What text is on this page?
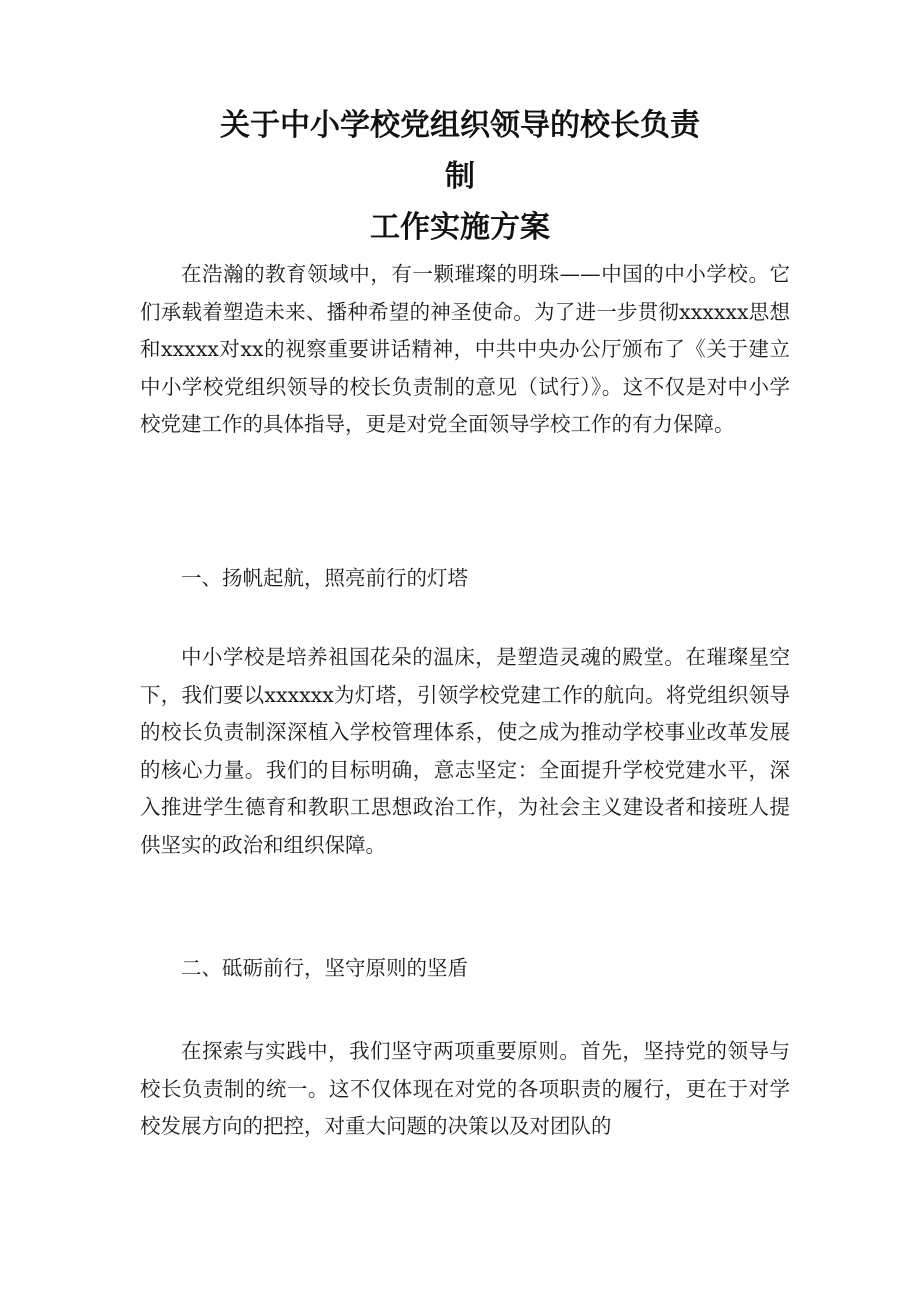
关于中小学校党组织领导的校长负责
制
工作实施方案

在浩瀚的教育领域中，有一颗璀璨的明珠——中国的中小学校。它们承载着塑造未来、播种希望的神圣使命。为了进一步贯彻xxxxxx思想和xxxxx对xx的视察重要讲话精神，中共中央办公厅颁布了《关于建立中小学校党组织领导的校长负责制的意见（试行）》。这不仅是对中小学校党建工作的具体指导，更是对党全面领导学校工作的有力保障。

一、扬帆起航，照亮前行的灯塔

中小学校是培养祖国花朵的温床，是塑造灵魂的殿堂。在璀璨星空下，我们要以xxxxxx为灯塔，引领学校党建工作的航向。将党组织领导的校长负责制深深植入学校管理体系，使之成为推动学校事业改革发展的核心力量。我们的目标明确，意志坚定：全面提升学校党建水平，深入推进学生德育和教职工思想政治工作，为社会主义建设者和接班人提供坚实的政治和组织保障。

二、砥砺前行，坚守原则的坚盾

在探索与实践中，我们坚守两项重要原则。首先，坚持党的领导与校长负责制的统一。这不仅体现在对党的各项职责的履行，更在于对学校发展方向的把控，对重大问题的决策以及对团队的
